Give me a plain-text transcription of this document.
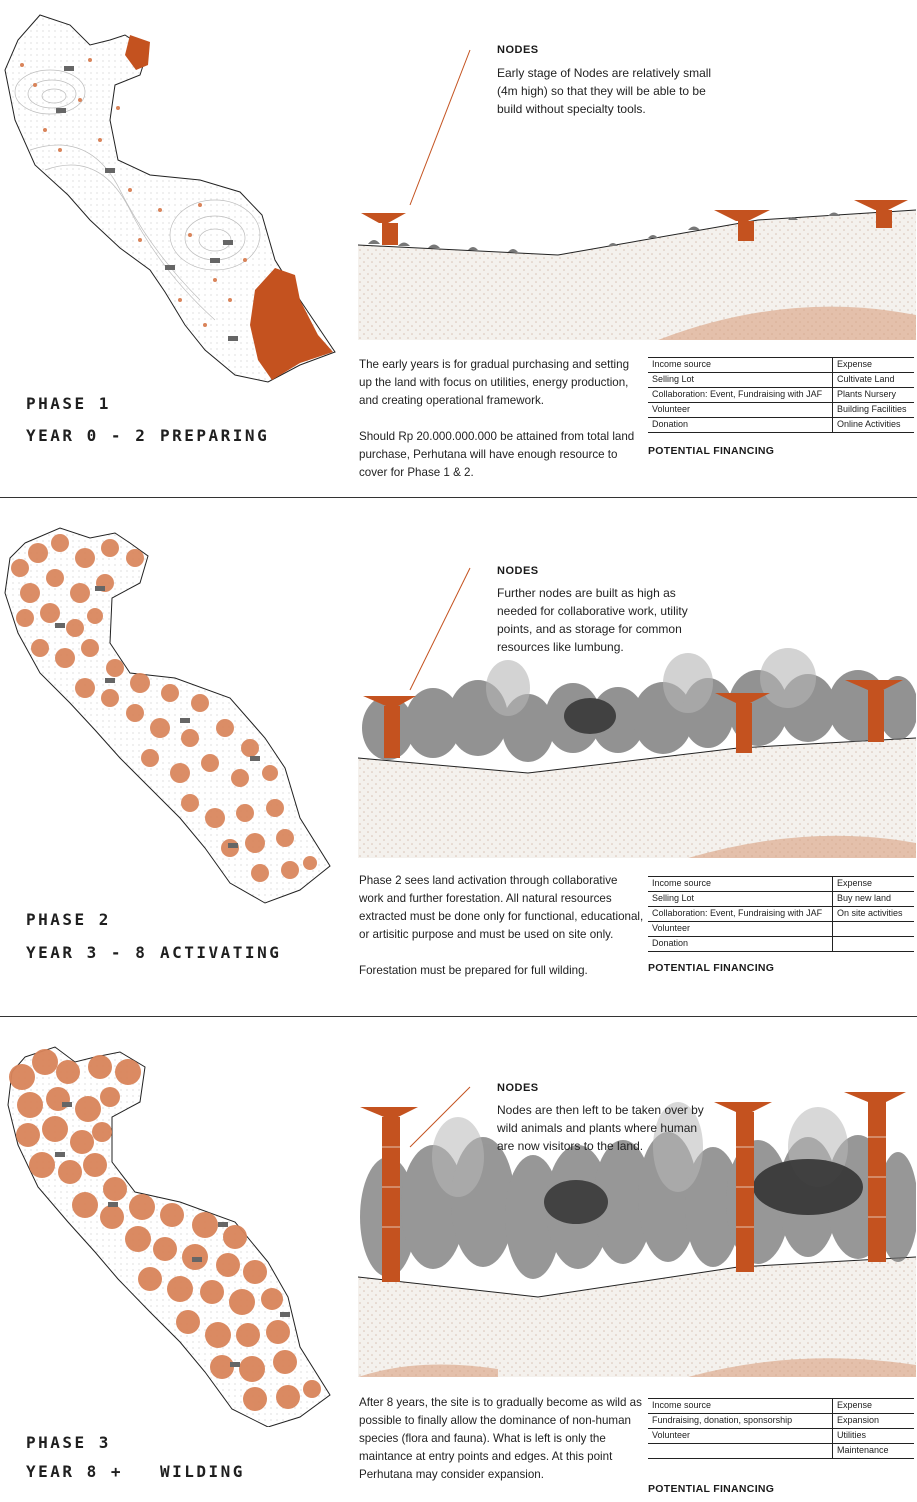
PHASE 1
YEAR 0 - 2 PREPARING
NODES
Early stage of Nodes are relatively small (4m high) so that they will be able to be build without specialty tools.

The early years is for gradual purchasing and setting up the land with focus on utilities, energy production, and creating operational framework.

Should Rp 20.000.000.000 be attained from total land purchase, Perhutana will have enough resource to cover for Phase 1 & 2.

Income source	Expense
Selling Lot	Cultivate Land
Collaboration: Event, Fundraising with JAF	Plants Nursery
Volunteer	Building Facilities
Donation	Online Activities
POTENTIAL FINANCING
PHASE 2
YEAR 3 - 8 ACTIVATING
NODES
Further nodes are built as high as needed for collaborative work, utility points, and as storage for common resources like lumbung.

Phase 2 sees land activation through collaborative work and further forestation. All natural resources extracted must be done only for functional, educational, or artisitic purpose and must be used on site only.

Forestation must be prepared for full wilding.

Income source	Expense
Selling Lot	Buy new land
Collaboration: Event, Fundraising with JAF	On site activities
Volunteer	
Donation	
POTENTIAL FINANCING
PHASE 3
YEAR 8 + WILDING
NODES
Nodes are then left to be taken over by wild animals and plants where human are now visitors to the land.

After 8 years, the site is to gradually become as wild as possible to finally allow the dominance of non-human species (flora and fauna). What is left is only the maintance at entry points and edges. At this point Perhutana may consider expansion.

Income source	Expense
Fundraising, donation, sponsorship	Expansion
Volunteer	Utilities
	Maintenance
POTENTIAL FINANCING
